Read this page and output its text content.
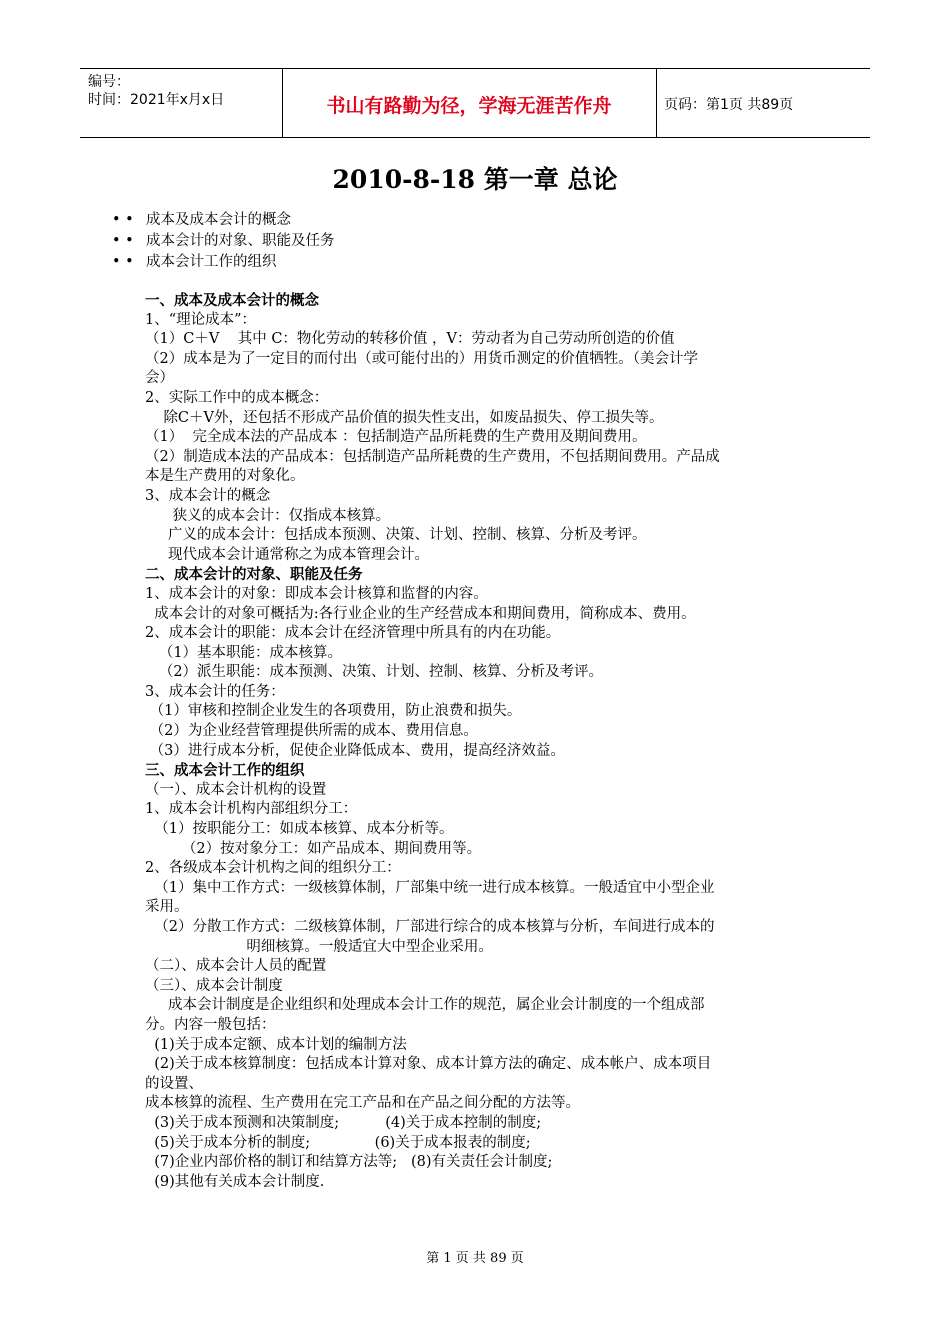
编号：
时间：2021年x月x日	书山有路勤为径，学海无涯苦作舟	页码：第1页 共89页
2010-8-18 第一章 总论
• • 成本及成本会计的概念
• • 成本会计的对象、职能及任务
• • 成本会计工作的组织

一、成本及成本会计的概念

1、“理论成本”：

（1）C＋V    其中 C：物化劳动的转移价值 ，V：劳动者为自己劳动所创造的价值

（2）成本是为了一定目的而付出（或可能付出的）用货币测定的价值牺牲。（美会计学

会）

2、实际工作中的成本概念：

除C＋V外，还包括不形成产品价值的损失性支出，如废品损失、停工损失等。

（1）  完全成本法的产品成本 ：包括制造产品所耗费的生产费用及期间费用。

（2）制造成本法的产品成本：包括制造产品所耗费的生产费用，不包括期间费用。产品成

本是生产费用的对象化。

3、成本会计的概念

狭义的成本会计：仅指成本核算。

广义的成本会计：包括成本预测、决策、计划、控制、核算、分析及考评。

现代成本会计通常称之为成本管理会计。

二、成本会计的对象、职能及任务

1、成本会计的对象：即成本会计核算和监督的内容。

成本会计的对象可概括为:各行业企业的生产经营成本和期间费用，简称成本、费用。

2、成本会计的职能：成本会计在经济管理中所具有的内在功能。

（1）基本职能：成本核算。

（2）派生职能：成本预测、决策、计划、控制、核算、分析及考评。

3、成本会计的任务：

（1）审核和控制企业发生的各项费用，防止浪费和损失。

（2）为企业经营管理提供所需的成本、费用信息。

（3）进行成本分析，促使企业降低成本、费用，提高经济效益。

三、成本会计工作的组织

（一）、成本会计机构的设置

1、成本会计机构内部组织分工：

（1）按职能分工：如成本核算、成本分析等。

（2）按对象分工：如产品成本、期间费用等。

2、各级成本会计机构之间的组织分工：

（1）集中工作方式：一级核算体制，厂部集中统一进行成本核算。一般适宜中小型企业

采用。

（2）分散工作方式：二级核算体制，厂部进行综合的成本核算与分析，车间进行成本的

明细核算。一般适宜大中型企业采用。

（二）、成本会计人员的配置

（三）、成本会计制度

成本会计制度是企业组织和处理成本会计工作的规范，属企业会计制度的一个组成部

分。内容一般包括：

(1)关于成本定额、成本计划的编制方法

(2)关于成本核算制度：包括成本计算对象、成本计算方法的确定、成本帐户、成本项目

的设置、

成本核算的流程、生产费用在完工产品和在产品之间分配的方法等。

(3)关于成本预测和决策制度;          (4)关于成本控制的制度;

(5)关于成本分析的制度;              (6)关于成本报表的制度;

(7)企业内部价格的制订和结算方法等;   (8)有关责任会计制度;

(9)其他有关成本会计制度.

第 1 页 共 89 页
